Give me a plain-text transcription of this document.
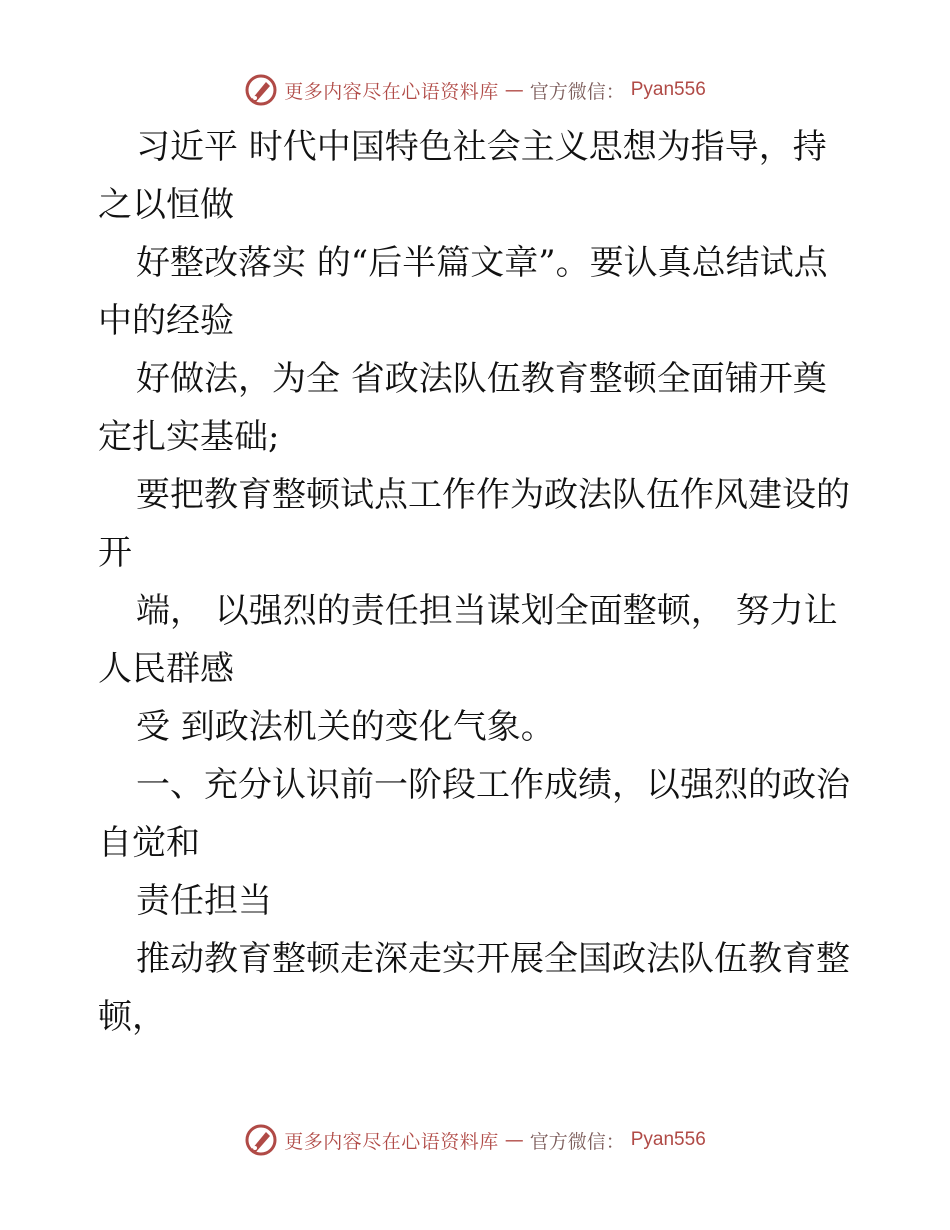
更多内容尽在心语资料库 — 官方微信： Pyan556

习近平 时代中国特色社会主义思想为指导，持之以恒做

好整改落实 的“后半篇文章”。要认真总结试点中的经验

好做法，为全 省政法队伍教育整顿全面铺开奠定扎实基础;

要把教育整顿试点工作作为政法队伍作风建设的开

端， 以强烈的责任担当谋划全面整顿， 努力让人民群感

受 到政法机关的变化气象。

一、充分认识前一阶段工作成绩，以强烈的政治自觉和

责任担当

推动教育整顿走深走实开展全国政法队伍教育整顿，

更多内容尽在心语资料库 — 官方微信： Pyan556
